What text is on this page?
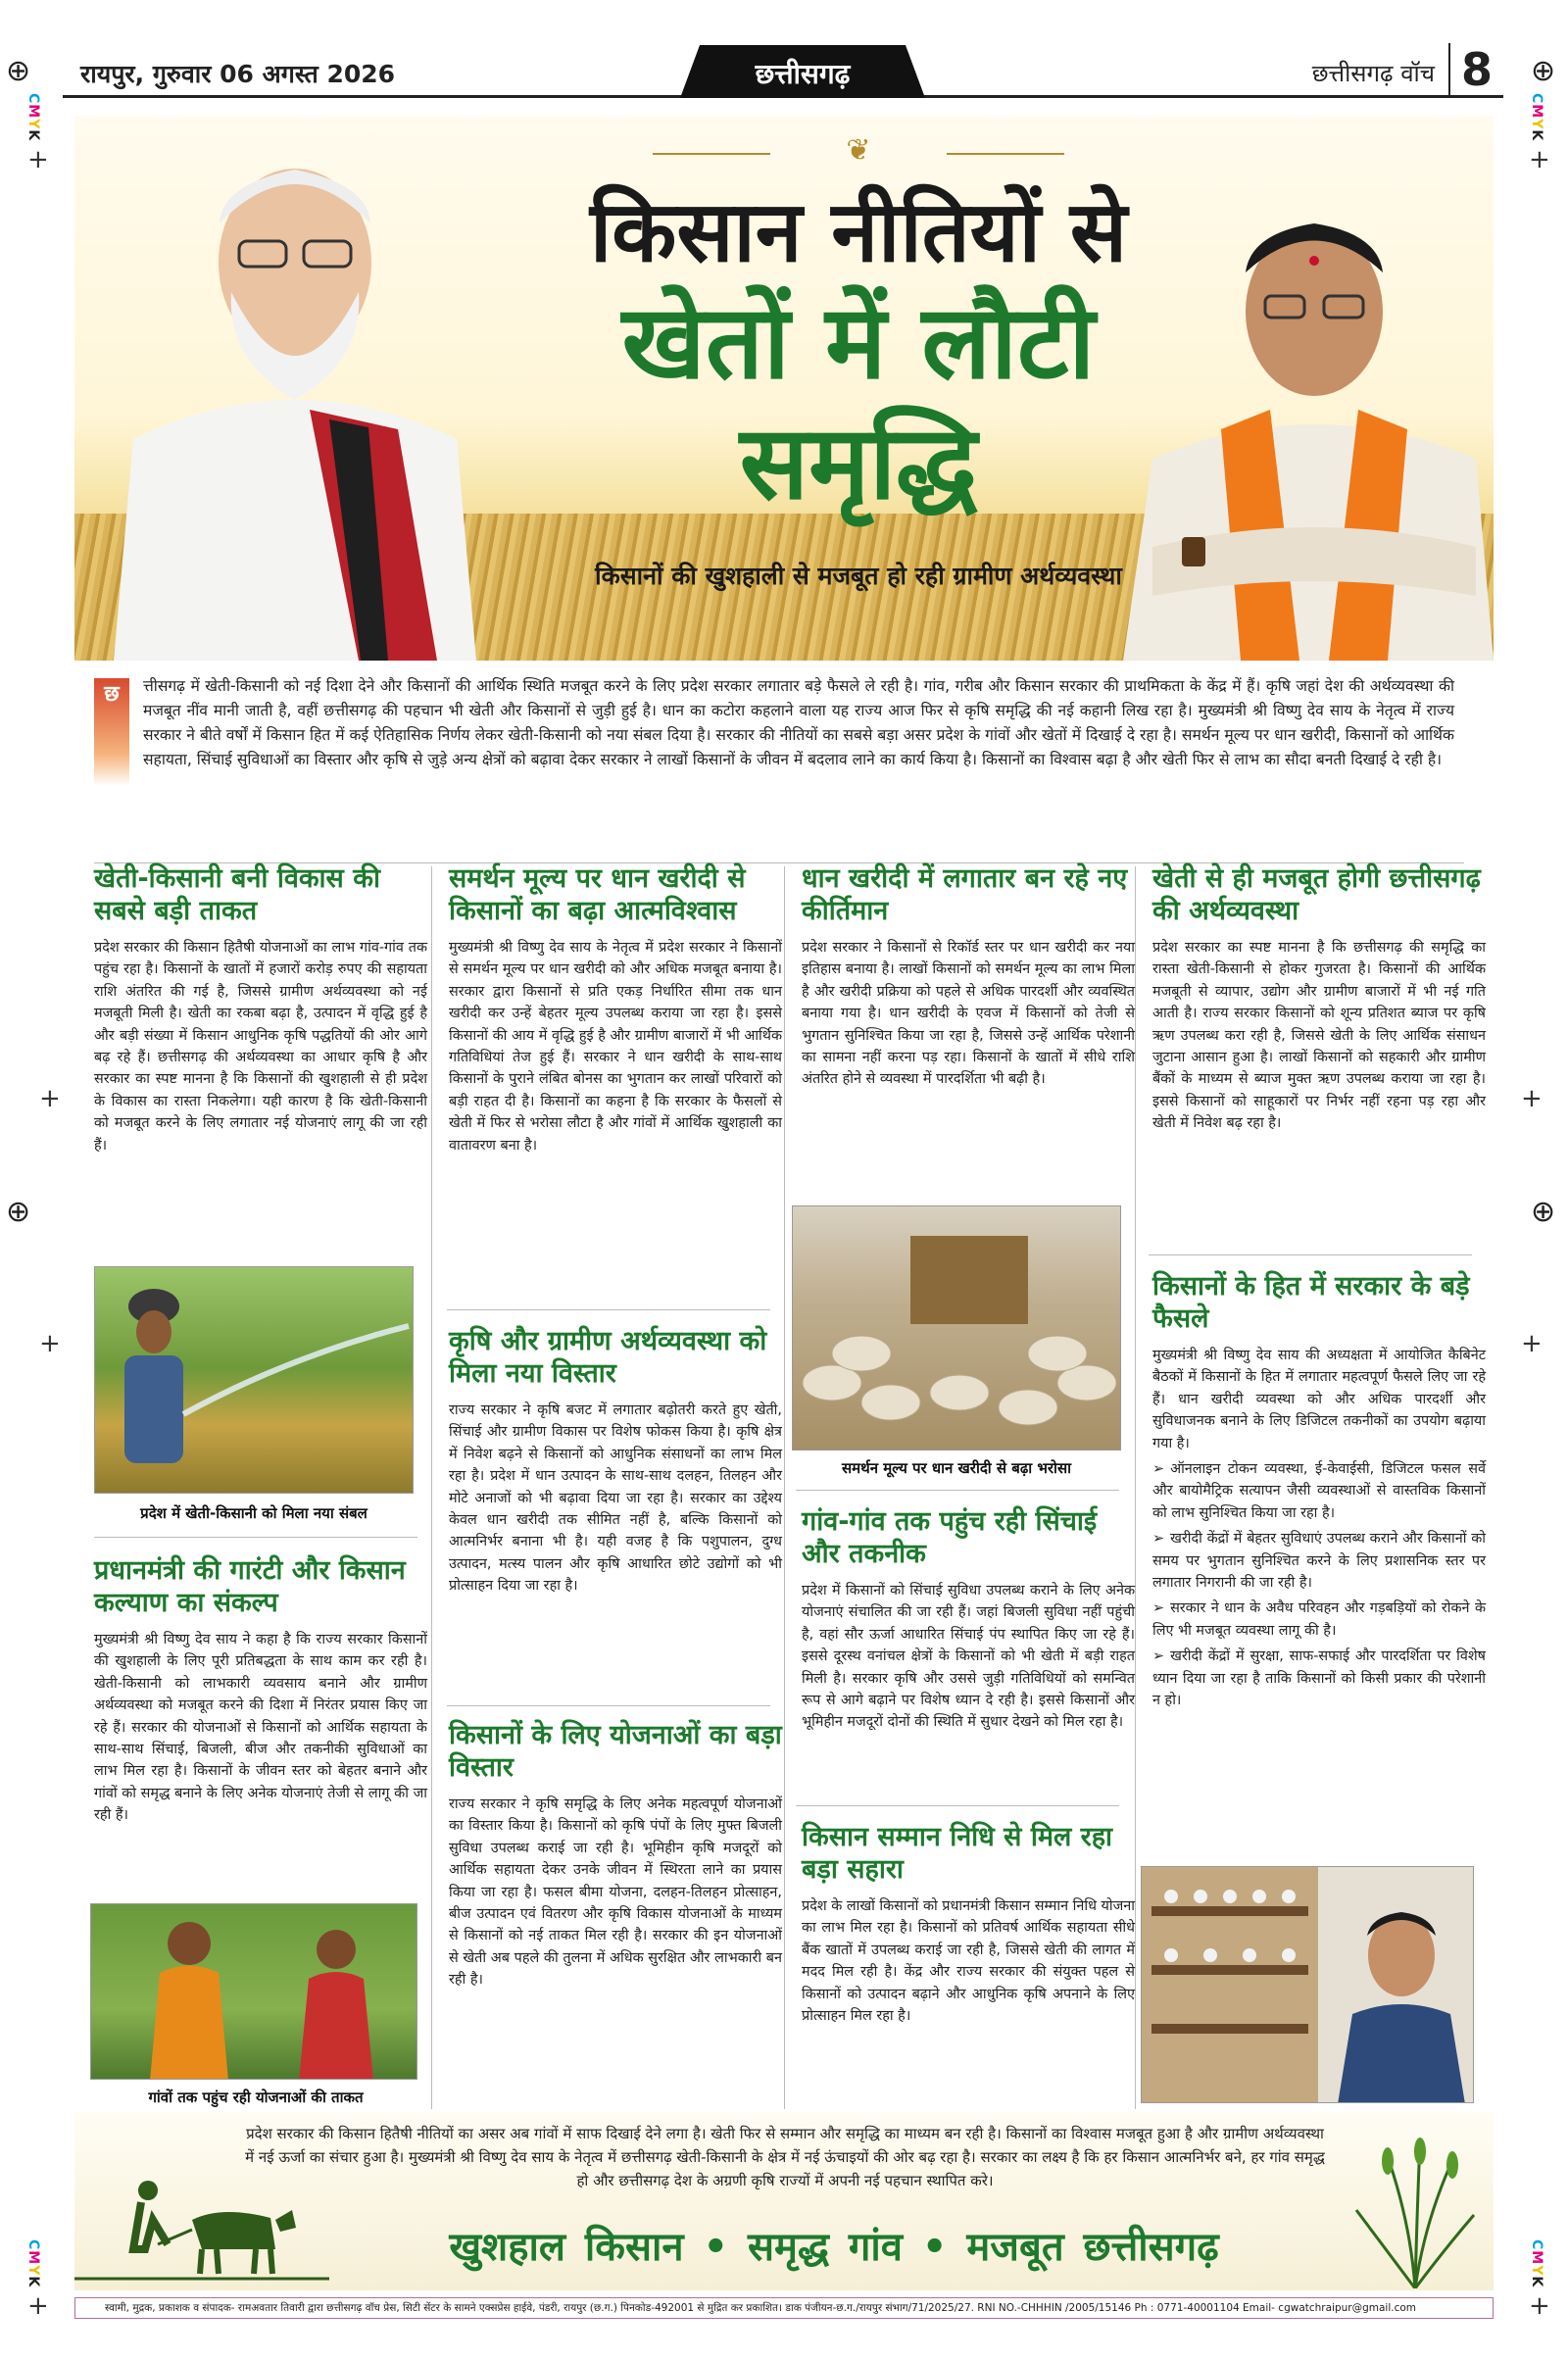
⊕	⊕
⊕	⊕
CMYK
CMYK
CMYK
CMYK
+	+
+	+
+	+
+	+
रायपुर, गुरुवार 06 अगस्त 2026	छत्तीसगढ़	छत्तीसगढ़ वॉच 8
❦
किसान नीतियों से
खेतों में लौटी
समृद्धि
किसानों की खुशहाली से मजबूत हो रही ग्रामीण अर्थव्यवस्था
छ	त्तीसगढ़ में खेती-किसानी को नई दिशा देने और किसानों की आर्थिक स्थिति मजबूत करने के लिए प्रदेश सरकार लगातार बड़े फैसले ले रही है। गांव, गरीब और किसान सरकार की प्राथमिकता के केंद्र में हैं। कृषि जहां देश की अर्थव्यवस्था की मजबूत नींव मानी जाती है, वहीं छत्तीसगढ़ की पहचान भी खेती और किसानों से जुड़ी हुई है। धान का कटोरा कहलाने वाला यह राज्य आज फिर से कृषि समृद्धि की नई कहानी लिख रहा है। मुख्यमंत्री श्री विष्णु देव साय के नेतृत्व में राज्य सरकार ने बीते वर्षों में किसान हित में कई ऐतिहासिक निर्णय लेकर खेती-किसानी को नया संबल दिया है। सरकार की नीतियों का सबसे बड़ा असर प्रदेश के गांवों और खेतों में दिखाई दे रहा है। समर्थन मूल्य पर धान खरीदी, किसानों को आर्थिक सहायता, सिंचाई सुविधाओं का विस्तार और कृषि से जुड़े अन्य क्षेत्रों को बढ़ावा देकर सरकार ने लाखों किसानों के जीवन में बदलाव लाने का कार्य किया है। किसानों का विश्वास बढ़ा है और खेती फिर से लाभ का सौदा बनती दिखाई दे रही है।
खेती-किसानी बनी विकास की सबसे बड़ी ताकत
प्रदेश सरकार की किसान हितैषी योजनाओं का लाभ गांव-गांव तक पहुंच रहा है। किसानों के खातों में हजारों करोड़ रुपए की सहायता राशि अंतरित की गई है, जिससे ग्रामीण अर्थव्यवस्था को नई मजबूती मिली है। खेती का रकबा बढ़ा है, उत्पादन में वृद्धि हुई है और बड़ी संख्या में किसान आधुनिक कृषि पद्धतियों की ओर आगे बढ़ रहे हैं। छत्तीसगढ़ की अर्थव्यवस्था का आधार कृषि है और सरकार का स्पष्ट मानना है कि किसानों की खुशहाली से ही प्रदेश के विकास का रास्ता निकलेगा। यही कारण है कि खेती-किसानी को मजबूत करने के लिए लगातार नई योजनाएं लागू की जा रही हैं।
प्रदेश में खेती-किसानी को मिला नया संबल
प्रधानमंत्री की गारंटी और किसान कल्याण का संकल्प
मुख्यमंत्री श्री विष्णु देव साय ने कहा है कि राज्य सरकार किसानों की खुशहाली के लिए पूरी प्रतिबद्धता के साथ काम कर रही है। खेती-किसानी को लाभकारी व्यवसाय बनाने और ग्रामीण अर्थव्यवस्था को मजबूत करने की दिशा में निरंतर प्रयास किए जा रहे हैं। सरकार की योजनाओं से किसानों को आर्थिक सहायता के साथ-साथ सिंचाई, बिजली, बीज और तकनीकी सुविधाओं का लाभ मिल रहा है। किसानों के जीवन स्तर को बेहतर बनाने और गांवों को समृद्ध बनाने के लिए अनेक योजनाएं तेजी से लागू की जा रही हैं।
गांवों तक पहुंच रही योजनाओं की ताकत
समर्थन मूल्य पर धान खरीदी से किसानों का बढ़ा आत्मविश्वास
मुख्यमंत्री श्री विष्णु देव साय के नेतृत्व में प्रदेश सरकार ने किसानों से समर्थन मूल्य पर धान खरीदी को और अधिक मजबूत बनाया है। सरकार द्वारा किसानों से प्रति एकड़ निर्धारित सीमा तक धान खरीदी कर उन्हें बेहतर मूल्य उपलब्ध कराया जा रहा है। इससे किसानों की आय में वृद्धि हुई है और ग्रामीण बाजारों में भी आर्थिक गतिविधियां तेज हुई हैं। सरकार ने धान खरीदी के साथ-साथ किसानों के पुराने लंबित बोनस का भुगतान कर लाखों परिवारों को बड़ी राहत दी है। किसानों का कहना है कि सरकार के फैसलों से खेती में फिर से भरोसा लौटा है और गांवों में आर्थिक खुशहाली का वातावरण बना है।
कृषि और ग्रामीण अर्थव्यवस्था को मिला नया विस्तार
राज्य सरकार ने कृषि बजट में लगातार बढ़ोतरी करते हुए खेती, सिंचाई और ग्रामीण विकास पर विशेष फोकस किया है। कृषि क्षेत्र में निवेश बढ़ने से किसानों को आधुनिक संसाधनों का लाभ मिल रहा है। प्रदेश में धान उत्पादन के साथ-साथ दलहन, तिलहन और मोटे अनाजों को भी बढ़ावा दिया जा रहा है। सरकार का उद्देश्य केवल धान खरीदी तक सीमित नहीं है, बल्कि किसानों को आत्मनिर्भर बनाना भी है। यही वजह है कि पशुपालन, दुग्ध उत्पादन, मत्स्य पालन और कृषि आधारित छोटे उद्योगों को भी प्रोत्साहन दिया जा रहा है।
किसानों के लिए योजनाओं का बड़ा विस्तार
राज्य सरकार ने कृषि समृद्धि के लिए अनेक महत्वपूर्ण योजनाओं का विस्तार किया है। किसानों को कृषि पंपों के लिए मुफ्त बिजली सुविधा उपलब्ध कराई जा रही है। भूमिहीन कृषि मजदूरों को आर्थिक सहायता देकर उनके जीवन में स्थिरता लाने का प्रयास किया जा रहा है। फसल बीमा योजना, दलहन-तिलहन प्रोत्साहन, बीज उत्पादन एवं वितरण और कृषि विकास योजनाओं के माध्यम से किसानों को नई ताकत मिल रही है। सरकार की इन योजनाओं से खेती अब पहले की तुलना में अधिक सुरक्षित और लाभकारी बन रही है।
धान खरीदी में लगातार बन रहे नए कीर्तिमान
प्रदेश सरकार ने किसानों से रिकॉर्ड स्तर पर धान खरीदी कर नया इतिहास बनाया है। लाखों किसानों को समर्थन मूल्य का लाभ मिला है और खरीदी प्रक्रिया को पहले से अधिक पारदर्शी और व्यवस्थित बनाया गया है। धान खरीदी के एवज में किसानों को तेजी से भुगतान सुनिश्चित किया जा रहा है, जिससे उन्हें आर्थिक परेशानी का सामना नहीं करना पड़ रहा। किसानों के खातों में सीधे राशि अंतरित होने से व्यवस्था में पारदर्शिता भी बढ़ी है।
समर्थन मूल्य पर धान खरीदी से बढ़ा भरोसा
गांव-गांव तक पहुंच रही सिंचाई और तकनीक
प्रदेश में किसानों को सिंचाई सुविधा उपलब्ध कराने के लिए अनेक योजनाएं संचालित की जा रही हैं। जहां बिजली सुविधा नहीं पहुंची है, वहां सौर ऊर्जा आधारित सिंचाई पंप स्थापित किए जा रहे हैं। इससे दूरस्थ वनांचल क्षेत्रों के किसानों को भी खेती में बड़ी राहत मिली है। सरकार कृषि और उससे जुड़ी गतिविधियों को समन्वित रूप से आगे बढ़ाने पर विशेष ध्यान दे रही है। इससे किसानों और भूमिहीन मजदूरों दोनों की स्थिति में सुधार देखने को मिल रहा है।
किसान सम्मान निधि से मिल रहा बड़ा सहारा
प्रदेश के लाखों किसानों को प्रधानमंत्री किसान सम्मान निधि योजना का लाभ मिल रहा है। किसानों को प्रतिवर्ष आर्थिक सहायता सीधे बैंक खातों में उपलब्ध कराई जा रही है, जिससे खेती की लागत में मदद मिल रही है। केंद्र और राज्य सरकार की संयुक्त पहल से किसानों को उत्पादन बढ़ाने और आधुनिक कृषि अपनाने के लिए प्रोत्साहन मिल रहा है।
खेती से ही मजबूत होगी छत्तीसगढ़ की अर्थव्यवस्था
प्रदेश सरकार का स्पष्ट मानना है कि छत्तीसगढ़ की समृद्धि का रास्ता खेती-किसानी से होकर गुजरता है। किसानों की आर्थिक मजबूती से व्यापार, उद्योग और ग्रामीण बाजारों में भी नई गति आती है। राज्य सरकार किसानों को शून्य प्रतिशत ब्याज पर कृषि ऋण उपलब्ध करा रही है, जिससे खेती के लिए आर्थिक संसाधन जुटाना आसान हुआ है। लाखों किसानों को सहकारी और ग्रामीण बैंकों के माध्यम से ब्याज मुक्त ऋण उपलब्ध कराया जा रहा है। इससे किसानों को साहूकारों पर निर्भर नहीं रहना पड़ रहा और खेती में निवेश बढ़ रहा है।
किसानों के हित में सरकार के बड़े फैसले
मुख्यमंत्री श्री विष्णु देव साय की अध्यक्षता में आयोजित कैबिनेट बैठकों में किसानों के हित में लगातार महत्वपूर्ण फैसले लिए जा रहे हैं। धान खरीदी व्यवस्था को और अधिक पारदर्शी और सुविधाजनक बनाने के लिए डिजिटल तकनीकों का उपयोग बढ़ाया गया है।
➢ ऑनलाइन टोकन व्यवस्था, ई-केवाईसी, डिजिटल फसल सर्वे और बायोमैट्रिक सत्यापन जैसी व्यवस्थाओं से वास्तविक किसानों को लाभ सुनिश्चित किया जा रहा है।
➢ खरीदी केंद्रों में बेहतर सुविधाएं उपलब्ध कराने और किसानों को समय पर भुगतान सुनिश्चित करने के लिए प्रशासनिक स्तर पर लगातार निगरानी की जा रही है।
➢ सरकार ने धान के अवैध परिवहन और गड़बड़ियों को रोकने के लिए भी मजबूत व्यवस्था लागू की है।
➢ खरीदी केंद्रों में सुरक्षा, साफ-सफाई और पारदर्शिता पर विशेष ध्यान दिया जा रहा है ताकि किसानों को किसी प्रकार की परेशानी न हो।
प्रदेश सरकार की किसान हितैषी नीतियों का असर अब गांवों में साफ दिखाई देने लगा है। खेती फिर से सम्मान और समृद्धि का माध्यम बन रही है। किसानों का विश्वास मजबूत हुआ है और ग्रामीण अर्थव्यवस्था में नई ऊर्जा का संचार हुआ है। मुख्यमंत्री श्री विष्णु देव साय के नेतृत्व में छत्तीसगढ़ खेती-किसानी के क्षेत्र में नई ऊंचाइयों की ओर बढ़ रहा है। सरकार का लक्ष्य है कि हर किसान आत्मनिर्भर बने, हर गांव समृद्ध हो और छत्तीसगढ़ देश के अग्रणी कृषि राज्यों में अपनी नई पहचान स्थापित करे।
खुशहाल किसान • समृद्ध गांव • मजबूत छत्तीसगढ़
स्वामी, मुद्रक, प्रकाशक व संपादक- रामअवतार तिवारी द्वारा छत्तीसगढ़ वॉच प्रेस, सिटी सेंटर के सामने एक्सप्रेस हाईवे, पंडरी, रायपुर (छ.ग.) पिनकोड-492001 से मुद्रित कर प्रकाशित। डाक पंजीयन-छ.ग./रायपुर संभाग/71/2025/27. RNI NO.-CHHHIN /2005/15146 Ph : 0771-40001104 Email- cgwatchraipur@gmail.com
